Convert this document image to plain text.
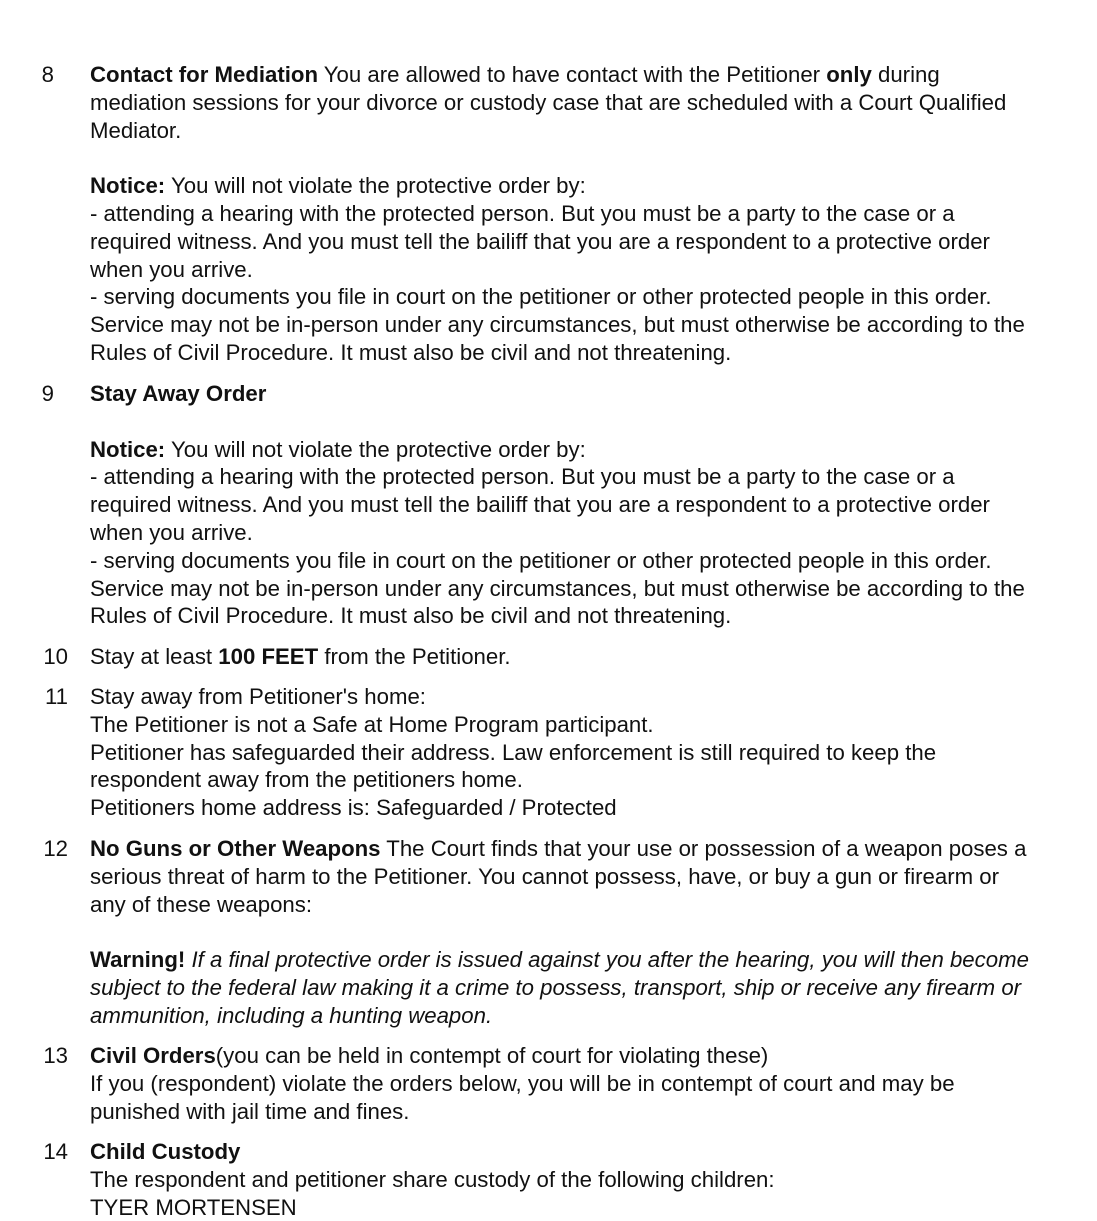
8 Contact for Mediation You are allowed to have contact with the Petitioner only during
mediation sessions for your divorce or custody case that are scheduled with a Court Qualified
Mediator.
Notice: You will not violate the protective order by:
- attending a hearing with the protected person. But you must be a party to the case or a
required witness. And you must tell the bailiff that you are a respondent to a protective order
when you arrive.
- serving documents you file in court on the petitioner or other protected people in this order.
Service may not be in-person under any circumstances, but must otherwise be according to the
Rules of Civil Procedure. It must also be civil and not threatening.
9 Stay Away Order
Notice: You will not violate the protective order by:
- attending a hearing with the protected person. But you must be a party to the case or a
required witness. And you must tell the bailiff that you are a respondent to a protective order
when you arrive.
- serving documents you file in court on the petitioner or other protected people in this order.
Service may not be in-person under any circumstances, but must otherwise be according to the
Rules of Civil Procedure. It must also be civil and not threatening.
10 Stay at least 100 FEET from the Petitioner.
11 Stay away from Petitioner's home:
The Petitioner is not a Safe at Home Program participant.
Petitioner has safeguarded their address. Law enforcement is still required to keep the
respondent away from the petitioners home.
Petitioners home address is: Safeguarded / Protected
12 No Guns or Other Weapons The Court finds that your use or possession of a weapon poses a
serious threat of harm to the Petitioner. You cannot possess, have, or buy a gun or firearm or
any of these weapons:
Warning! If a final protective order is issued against you after the hearing, you will then become
subject to the federal law making it a crime to possess, transport, ship or receive any firearm or
ammunition, including a hunting weapon.
13 Civil Orders(you can be held in contempt of court for violating these)
If you (respondent) violate the orders below, you will be in contempt of court and may be
punished with jail time and fines.
14 Child Custody
The respondent and petitioner share custody of the following children:
TYER MORTENSEN
